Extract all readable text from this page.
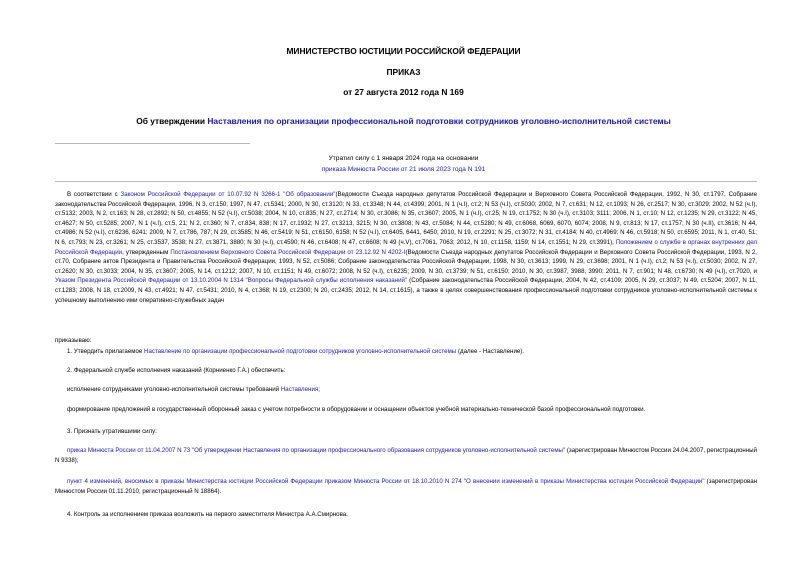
МИНИСТЕРСТВО ЮСТИЦИИ РОССИЙСКОЙ ФЕДЕРАЦИИ
ПРИКАЗ
от 27 августа 2012 года N 169
Об утверждении Наставления по организации профессиональной подготовки сотрудников уголовно-исполнительной системы
Утратил силу с 1 января 2024 года на основании
приказа Минюста России от 21 июля 2023 года N 191
В соответствии с Законом Российской Федерации от 10.07.92 N 3266-1 "Об образовании"(Ведомости Съезда народных депутатов Российской Федерации и Верховного Совета Российской Федерации, 1992, N 30, ст.1797, Собрание законодательства Российской Федерации, 1996, N 3, ст.150; 1997, N 47, ст.5341; 2000, N 30, ст.3120; N 33, ст.3348; N 44, ст.4399; 2001, N 1 (ч.I), ст.2; N 53 (ч.I), ст.5030; 2002, N 7, ст.631; N 12, ст.1093; N 26, ст.2517; N 30, ст.3029; 2002, N 52 (ч.I), ст.5132; 2003, N 2, ст.163; N 28, ст.2892; N 50, ст.4855; N 52 (ч.I), ст.5038; 2004, N 10, ст.835; N 27, ст.2714; N 30, ст.3086; N 35, ст.3607; 2005, N 1 (ч.I), ст.25; N 19, ст.1752; N 30 (ч.I), ст.3103; 3111; 2006, N 1, ст.10; N 12, ст.1235; N 29, ст.3122; N 45, ст.4627; N 50, ст.5285; 2007, N 1 (ч.I), ст.5, 21; N 2, ст.360; N 7, ст.834, 838; N 17, ст.1932; N 27, ст.3213, 3215; N 30, ст.3808; N 43, ст.5084; N 44, ст.5280; N 49, ст.6068, 6069, 6070, 6074; 2008, N 9, ст.813; N 17, ст.1757; N 30 (ч.II), ст.3616; N 44, ст.4986; N 52 (ч.I), ст.6236, 6241; 2009, N 7, ст.786, 787; N 29, ст.3585; N 46, ст.5419; N 51, ст.6150, 6158; N 52 (ч.I), ст.6405, 6441, 6450; 2010, N 19, ст.2291; N 25, ст.3072; N 31, ст.4184; N 40, ст.4969; N 46, ст.5918; N 50, ст.6595; 2011, N 1, ст.40, 51; N 6, ст.793; N 23, ст.3261; N 25, ст.3537, 3538; N 27, ст.3871, 3880; N 30 (ч.I), ст.4590; N 46, ст.6408; N 47, ст.6608; N 49 (ч.V), ст.7061, 7063; 2012, N 10, ст.1158, 1159; N 14, ст.1551; N 29, ст.3991), Положением о службе в органах внутренних дел Российской Федерации, утвержденным Постановлением Верховного Совета Российской Федерации от 23.12.92 N 4202-I(Ведомости Съезда народных депутатов Российской Федерации и Верховного Совета Российской Федерации, 1993, N 2, ст.70, Собрание актов Президента и Правительства Российской Федерации, 1993, N 52, ст.5086; Собрание законодательства Российской Федерации, 1998, N 30, ст.3613; 1999, N 29, ст.3698; 2001, N 1 (ч.I), ст.2; N 53 (ч.I), ст.5030; 2002, N 27, ст.2620; N 30, ст.3033; 2004, N 35, ст.3607; 2005, N 14, ст.1212; 2007, N 10, ст.1151; N 49, ст.6072; 2008, N 52 (ч.I), ст.6235; 2009, N 30, ст.3739; N 51, ст.6150; 2010, N 30, ст.3987, 3988, 3990; 2011, N 7, ст.901; N 48, ст.6730; N 49 (ч.I), ст.7020, и Указом Президента Российской Федерации от 13.10.2004 N 1314 "Вопросы Федеральной службы исполнения наказаний" (Собрание законодательства Российской Федерации, 2004, N 42, ст.4109; 2005, N 29, ст.3037; N 49, ст.5204; 2007, N 11, ст.1283; 2008, N 18, ст.2009, N 43, ст.4921; N 47, ст.5431; 2010, N 4, ст.368; N 19, ст.2300; N 20, ст.2435; 2012, N 14, ст.1615), а также в целях совершенствования профессиональной подготовки сотрудников уголовно-исполнительной системы к успешному выполнению ими оперативно-служебных задач
приказываю:
1. Утвердить прилагаемое Наставление по организации профессиональной подготовки сотрудников уголовно-исполнительной системы (далее - Наставление).
2. Федеральной службе исполнения наказаний (Корниенко Г.А.) обеспечить:
исполнение сотрудниками уголовно-исполнительной системы требований Наставления;
формирование предложений в государственный оборонный заказ с учетом потребности в оборудовании и оснащении объектов учебной материально-технической базой профессиональной подготовки.
3. Признать утратившими силу:
приказ Минюста России от 11.04.2007 N 73 "Об утверждении Наставления по организации профессионального образования сотрудников уголовно-исполнительной системы" (зарегистрирован Минюстом России 24.04.2007, регистрационный N 9338);
пункт 4 изменений, вносимых в приказы Министерства юстиции Российской Федерации приказом Минюста России от 18.10.2010 N 274 "О внесении изменений в приказы Министерства юстиции Российской Федерации" (зарегистрирован Минюстом России 01.11.2010, регистрационный N 18864).
4. Контроль за исполнением приказа возложить на первого заместителя Министра А.А.Смирнова.
